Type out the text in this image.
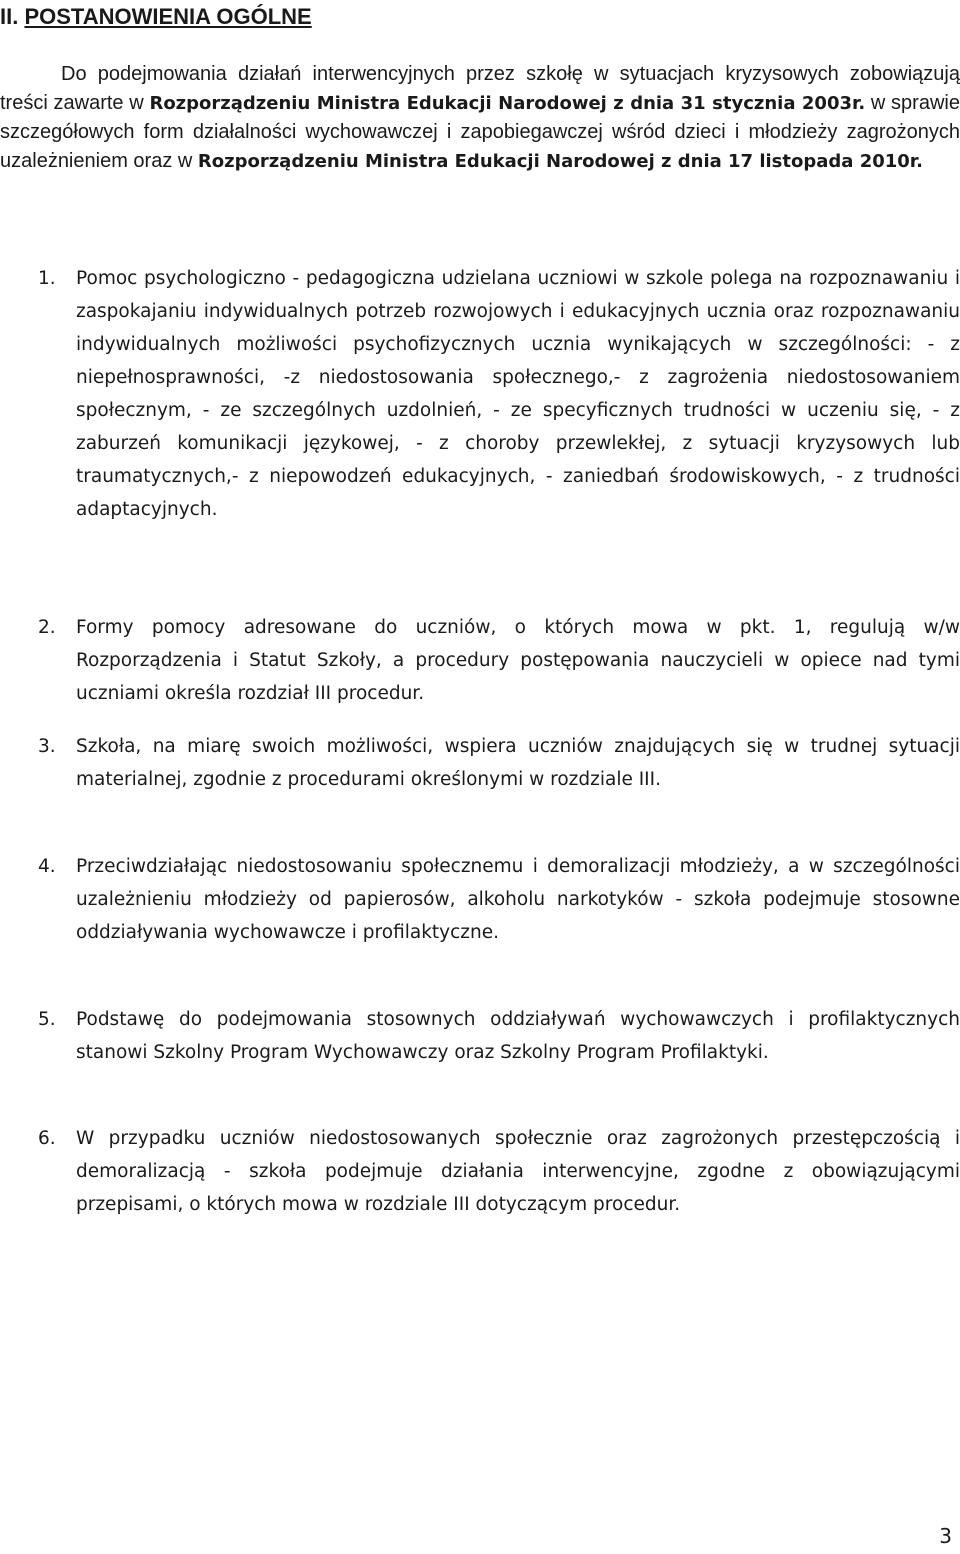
II. POSTANOWIENIA OGÓLNE
Do podejmowania działań interwencyjnych przez szkołę w sytuacjach kryzysowych zobowiązują treści zawarte w Rozporządzeniu Ministra Edukacji Narodowej z dnia 31 stycznia 2003r. w sprawie szczegółowych form działalności wychowawczej i zapobiegawczej wśród dzieci i młodzieży zagrożonych uzależnieniem oraz w Rozporządzeniu Ministra Edukacji Narodowej z dnia 17 listopada 2010r.
1.	Pomoc psychologiczno - pedagogiczna udzielana uczniowi w szkole polega na rozpoznawaniu i zaspokajaniu indywidualnych potrzeb rozwojowych i edukacyjnych ucznia oraz rozpoznawaniu indywidualnych możliwości psychofizycznych ucznia wynikających w szczególności: - z niepełnosprawności, -z niedostosowania społecznego,- z zagrożenia niedostosowaniem społecznym, - ze szczególnych uzdolnień, - ze specyficznych trudności w uczeniu się, - z zaburzeń komunikacji językowej, - z choroby przewlekłej, z sytuacji kryzysowych lub traumatycznych,- z niepowodzeń edukacyjnych, - zaniedbań środowiskowych, - z trudności adaptacyjnych.
2.	Formy pomocy adresowane do uczniów, o których mowa w pkt. 1, regulują w/w Rozporządzenia i Statut Szkoły, a procedury postępowania nauczycieli w opiece nad tymi uczniami określa rozdział III procedur.
3.	Szkoła, na miarę swoich możliwości, wspiera uczniów znajdujących się w trudnej sytuacji materialnej, zgodnie z procedurami określonymi w rozdziale III.
4.	Przeciwdziałając niedostosowaniu społecznemu i demoralizacji młodzieży, a w szczególności uzależnieniu młodzieży od papierosów, alkoholu narkotyków - szkoła podejmuje stosowne oddziaływania wychowawcze i profilaktyczne.
5.	Podstawę do podejmowania stosownych oddziaływań wychowawczych i profilaktycznych stanowi Szkolny Program Wychowawczy oraz Szkolny Program Profilaktyki.
6.	W przypadku uczniów niedostosowanych społecznie oraz zagrożonych przestępczością i demoralizacją - szkoła podejmuje działania interwencyjne, zgodne z obowiązującymi przepisami, o których mowa w rozdziale III dotyczącym procedur.
3
